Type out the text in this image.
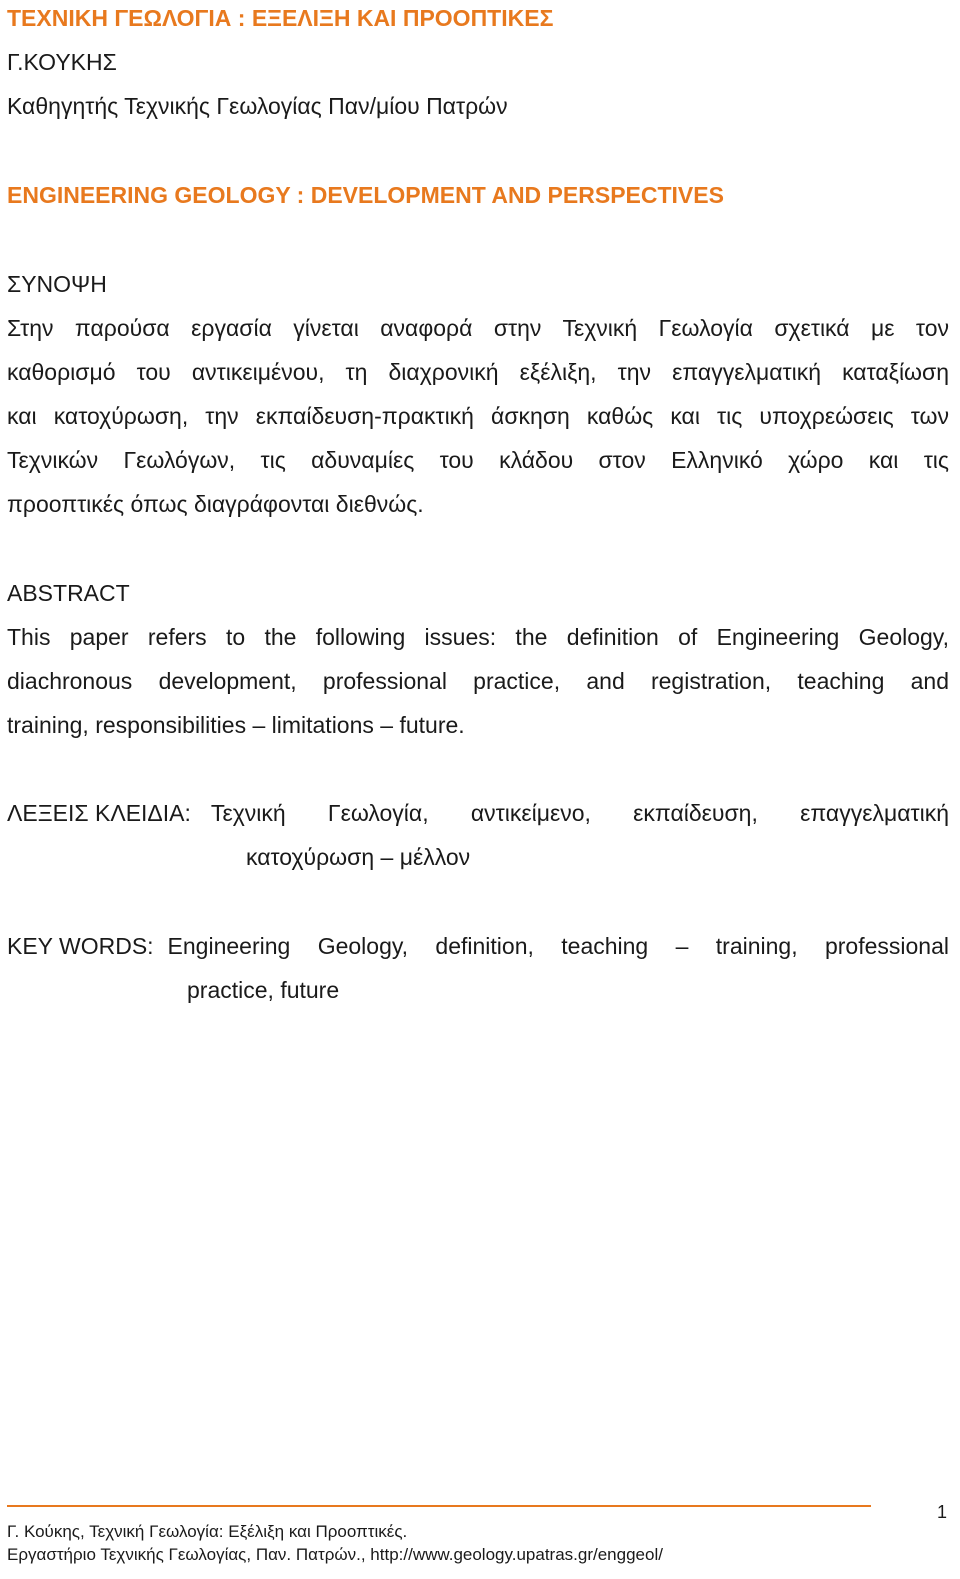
ΤΕΧΝΙΚΗ ΓΕΩΛΟΓΙΑ : ΕΞΕΛΙΞΗ ΚΑΙ ΠΡΟΟΠΤΙΚΕΣ
Γ.ΚΟΥΚΗΣ
Καθηγητής Τεχνικής Γεωλογίας Παν/μίου Πατρών
ENGINEERING GEOLOGY : DEVELOPMENT AND PERSPECTIVES
ΣΥΝΟΨΗ
Στην παρούσα εργασία γίνεται αναφορά στην Τεχνική Γεωλογία σχετικά με τον
καθορισμό του αντικειμένου, τη διαχρονική εξέλιξη, την επαγγελματική καταξίωση
και κατοχύρωση, την εκπαίδευση-πρακτική άσκηση καθώς και τις υποχρεώσεις των
Τεχνικών Γεωλόγων, τις αδυναμίες του κλάδου στον Ελληνικό χώρο και τις
προοπτικές όπως διαγράφονται διεθνώς.
ABSTRACT
This paper refers to the following issues: the definition of Engineering Geology,
diachronous development, professional practice, and registration, teaching and
training, responsibilities – limitations – future.
ΛΕΞΕΙΣ ΚΛΕΙΔΙΑ: Τεχνική Γεωλογία, αντικείμενο, εκπαίδευση, επαγγελματική
κατοχύρωση – μέλλον
KEY WORDS: Engineering Geology, definition, teaching – training, professional
practice, future
1
Γ. Κούκης, Τεχνική Γεωλογία: Εξέλιξη και Προοπτικές.
Εργαστήριο Τεχνικής Γεωλογίας, Παν. Πατρών., http://www.geology.upatras.gr/enggeol/
